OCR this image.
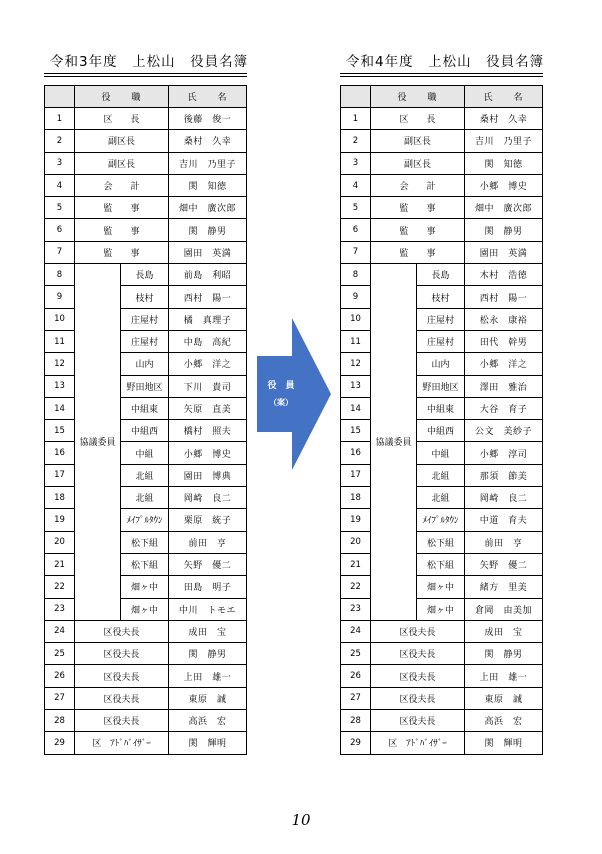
令和3年度　上松山　役員名簿
	役　　職		氏　　名
1	区　　長		後藤　俊一
2	副区長		桑村　久幸
3	副区長		吉川　乃里子
4	会　　計		関　知徳
5	監　　事		畑中　廣次郎
6	監　　事		関　静男
7	監　　事		園田　英満
8	協議委員	長島	前島　利昭
9		枝村	西村　陽一
10		庄屋村	橘　真理子
11		庄屋村	中島　高紀
12		山内	小郷　洋之
13		野田地区	下川　貴司
14		中組東	矢原　直美
15		中組西	橋村　照夫
16		中組	小郷　博史
17		北組	園田　博典
18		北組	岡崎　良二
19		ﾒｲﾌﾟﾙﾀｳﾝ	栗原　統子
20		松下組	前田　亨
21		松下組	矢野　優二
22		畑ヶ中	田島　明子
23		畑ヶ中	中川　トモエ
24	区役夫長		成田　宝
25	区役夫長		関　静男
26	区役夫長		上田　雄一
27	区役夫長		東原　誠
28	区役夫長		高浜　宏
29	区　ｱﾄﾞﾊﾞｲｻﾞｰ		関　輝明
令和4年度　上松山　役員名簿
	役　　職		氏　　名
1	区　　長		桑村　久幸
2	副区長		吉川　乃里子
3	副区長		関　知徳
4	会　　計		小郷　博史
5	監　　事		畑中　廣次郎
6	監　　事		関　静男
7	監　　事		園田　英満
8	協議委員	長島	木村　浩徳
9		枝村	西村　陽一
10		庄屋村	松永　康裕
11		庄屋村	田代　幹男
12		山内	小郷　洋之
13		野田地区	澤田　雅治
14		中組東	大谷　育子
15		中組西	公文　美紗子
16		中組	小郷　淳司
17		北組	那須　節美
18		北組	岡崎　良二
19		ﾒｲﾌﾟﾙﾀｳﾝ	中道　育夫
20		松下組	前田　亨
21		松下組	矢野　優二
22		畑ヶ中	緒方　里美
23		畑ヶ中	倉岡　由美加
24	区役夫長		成田　宝
25	区役夫長		関　静男
26	区役夫長		上田　雄一
27	区役夫長		東原　誠
28	区役夫長		高浜　宏
29	区　ｱﾄﾞﾊﾞｲｻﾞｰ		関　輝明
役　員
（案）
10
